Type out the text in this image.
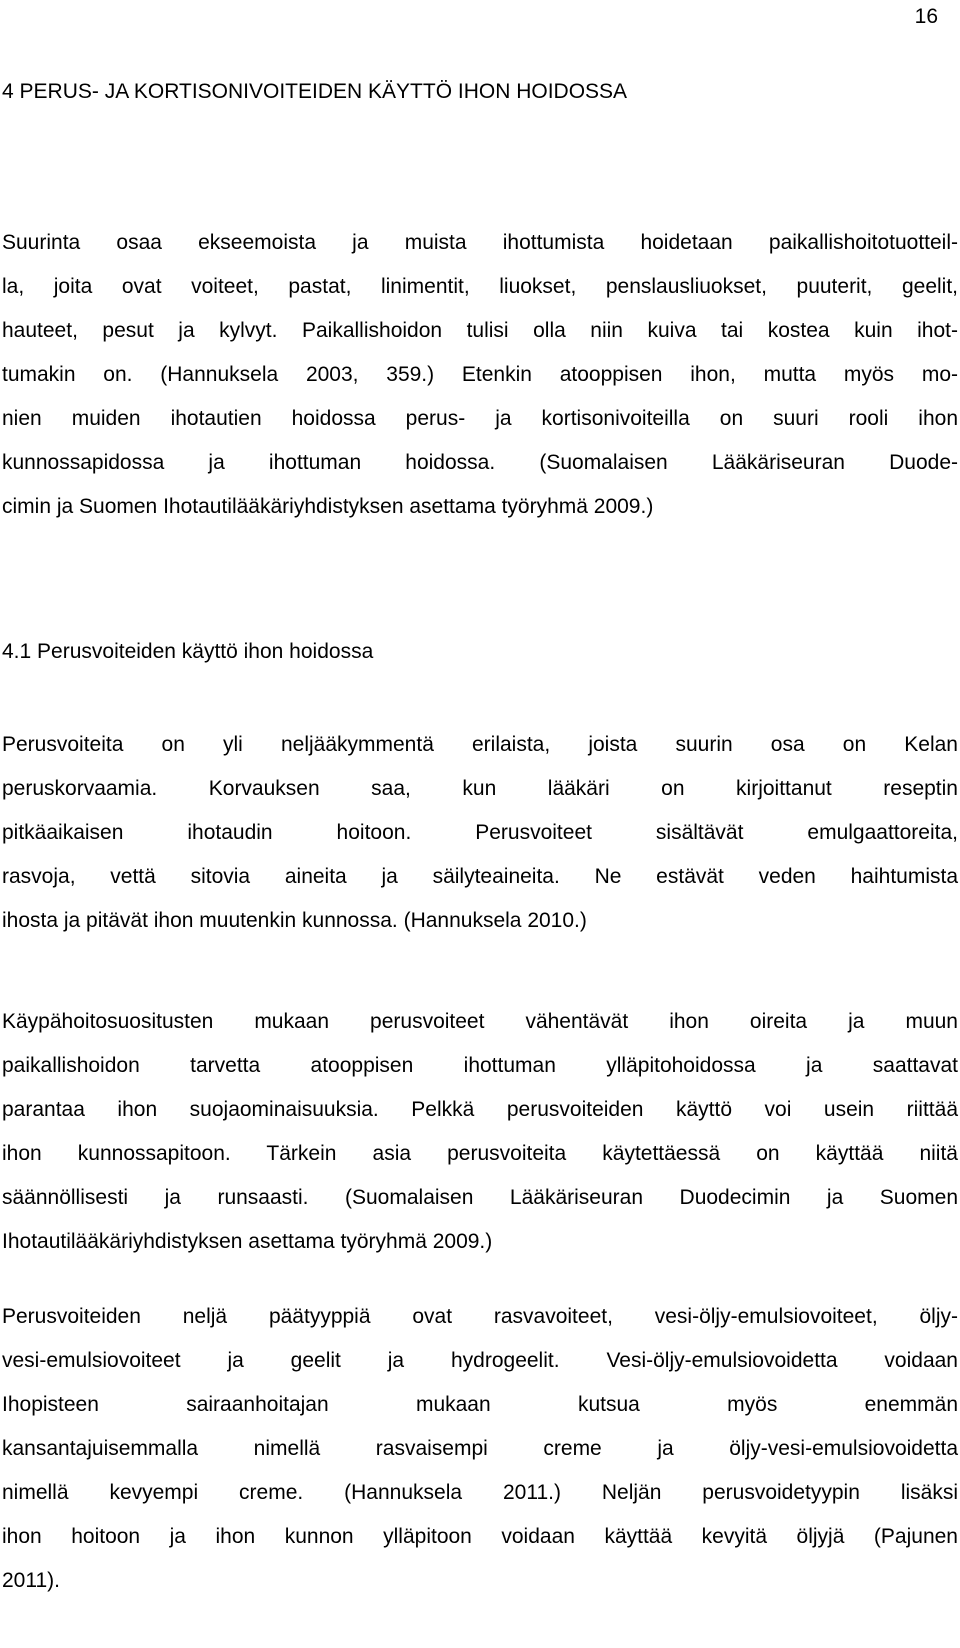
16
4 PERUS- JA KORTISONIVOITEIDEN KÄYTTÖ IHON HOIDOSSA
Suurinta osaa ekseemoista ja muista ihottumista hoidetaan paikallishoitotuotteil-
la, joita ovat voiteet, pastat, linimentit, liuokset, penslausliuokset, puuterit, geelit,
hauteet, pesut ja kylvyt. Paikallishoidon tulisi olla niin kuiva tai kostea kuin ihot-
tumakin on. (Hannuksela 2003, 359.) Etenkin atooppisen ihon, mutta myös mo-
nien muiden ihotautien hoidossa perus- ja kortisonivoiteilla on suuri rooli ihon
kunnossapidossa ja ihottuman hoidossa. (Suomalaisen Lääkäriseuran Duode-
cimin ja Suomen Ihotautilääkäriyhdistyksen asettama työryhmä 2009.)
4.1 Perusvoiteiden käyttö ihon hoidossa
Perusvoiteita on yli neljääkymmentä erilaista, joista suurin osa on Kelan
peruskorvaamia. Korvauksen saa, kun lääkäri on kirjoittanut reseptin
pitkäaikaisen ihotaudin hoitoon. Perusvoiteet sisältävät emulgaattoreita,
rasvoja, vettä sitovia aineita ja säilyteaineita. Ne estävät veden haihtumista
ihosta ja pitävät ihon muutenkin kunnossa. (Hannuksela 2010.)
Käypähoitosuositusten mukaan perusvoiteet vähentävät ihon oireita ja muun
paikallishoidon tarvetta atooppisen ihottuman ylläpitohoidossa ja saattavat
parantaa ihon suojaominaisuuksia. Pelkkä perusvoiteiden käyttö voi usein riittää
ihon kunnossapitoon. Tärkein asia perusvoiteita käytettäessä on käyttää niitä
säännöllisesti ja runsaasti. (Suomalaisen Lääkäriseuran Duodecimin ja Suomen
Ihotautilääkäriyhdistyksen asettama työryhmä 2009.)
Perusvoiteiden neljä päätyyppiä ovat rasvavoiteet, vesi-öljy-emulsiovoiteet, öljy-
vesi-emulsiovoiteet ja geelit ja hydrogeelit. Vesi-öljy-emulsiovoidetta voidaan
Ihopisteen sairaanhoitajan mukaan kutsua myös enemmän
kansantajuisemmalla nimellä rasvaisempi creme ja öljy-vesi-emulsiovoidetta
nimellä kevyempi creme. (Hannuksela 2011.) Neljän perusvoidetyypin lisäksi
ihon hoitoon ja ihon kunnon ylläpitoon voidaan käyttää kevyitä öljyjä (Pajunen
2011).
